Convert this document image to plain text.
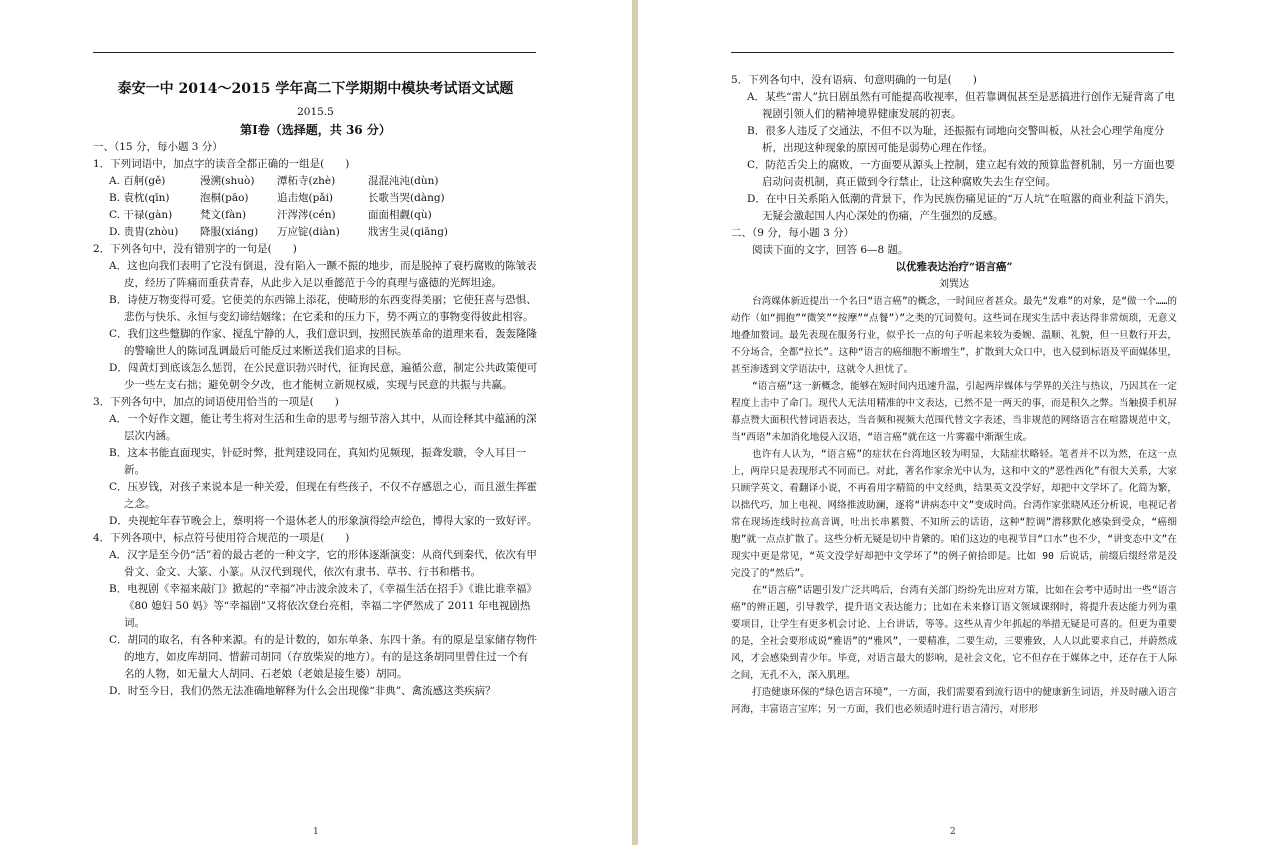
泰安一中 2014～2015 学年高二下学期期中模块考试语文试题
2015.5
第Ⅰ卷（选择题，共 36 分）
一、（15 分，每小题 3 分）
1．下列词语中，加点字的读音全都正确的一组是(　　)
A. 百舸(gě)	漫溯(shuò)	潭柘寺(zhè)	混混沌沌(dùn)
B. 袁枕(qīn)	泡桐(pāo)	追击炮(pǎi)	长歌当哭(dàng)
C. 干禄(gàn)	梵文(fàn)	汗涔涔(cén)	面面相觑(qù)
D. 贵胄(zhòu)	降服(xiáng)	万应锭(diàn)	戕害生灵(qiāng)
2．下列各句中，没有错别字的一句是(　　)
A．这也向我们表明了它没有倒退，没有陷入一蹶不振的地步，而是脱掉了衰朽腐败的陈皱表皮，经历了阵痛而重获青春，从此步入足以垂懿范于今的真理与盛德的光辉坦途。
B．诗使万物变得可爱。它使美的东西锦上添花，使畸形的东西变得美丽；它使狂喜与恐惧、悲伤与快乐、永恒与变幻谛结姻缘；在它柔和的压力下，势不两立的事物变得彼此相容。
C．我们这些蹩脚的作家、搅乱宁静的人，我们意识到，按照民族革命的道理来看，轰轰隆隆的警喻世人的陈词乱调最后可能反过来断送我们追求的目标。
D．闯黄灯到底该怎么惩罚，在公民意识勃兴时代，征询民意，遍循公意，制定公共政策便可少一些左支右拙；避免朝令夕改，也才能树立新规权威，实现与民意的共振与共赢。
3．下列各句中，加点的词语使用恰当的一项是(　　)
A．一个好作文题，能让考生将对生活和生命的思考与细节溶入其中，从而诠释其中蕴涵的深层次内涵。
B．这本书能直面现实，针砭时弊，批判建设同在，真知灼见频现，振聋发聩，令人耳目一新。
C．压岁钱，对孩子来说本是一种关爱，但现在有些孩子，不仅不存感恩之心，而且滋生挥霍之念。
D．央视蛇年春节晚会上，蔡明将一个退休老人的形象演得绘声绘色，博得大家的一致好评。
4．下列各项中，标点符号使用符合规范的一项是(　　)
A．汉字是至今仍“活”着的最古老的一种文字，它的形体逐渐演变：从商代到秦代，依次有甲骨文、金文、大篆、小篆。从汉代到现代，依次有隶书、草书、行书和楷书。
B．电视剧《幸福来敲门》掀起的“幸福”冲击波余波未了，《幸福生活在招手》《谁比谁幸福》《80 媳妇 50 妈》等“幸福剧”又将依次登台亮相，幸福二字俨然成了 2011 年电视剧热词。
C．胡同的取名，有各种来源。有的是计数的，如东单条、东四十条。有的原是皇家储存物件的地方，如皮库胡同、惜薪司胡同（存放柴炭的地方）。有的是这条胡同里曾住过一个有名的人物，如无量大人胡同、石老娘（老娘是接生婆）胡同。
D．时至今日，我们仍然无法准确地解释为什么会出现像“非典”、禽流感这类疾病？
1
5．下列各句中，没有语病、句意明确的一句是(　　)
A．某些“雷人”抗日剧虽然有可能提高收视率，但若靠调侃甚至是恶搞进行创作无疑背离了电视剧引领人们的精神境界健康发展的初衷。
B．很多人违反了交通法，不但不以为耻，还振振有词地向交警叫板，从社会心理学角度分析，出现这种现象的原因可能是弱势心理在作怪。
C．防范舌尖上的腐败，一方面要从源头上控制，建立起有效的预算监督机制，另一方面也要启动问责机制，真正做到令行禁止，让这种腐败失去生存空间。
D．在中日关系陷入低潮的背景下，作为民族伤痛见证的“万人坑”在喧嚣的商业利益下消失，无疑会激起国人内心深处的伤痛，产生强烈的反感。
二、（9 分，每小题 3 分）
阅读下面的文字，回答 6—8 题。
以优雅表达治疗“语言癌”
刘巽达
台湾媒体新近提出一个名曰“语言癌”的概念，一时间应者甚众。最先“发难”的对象，是“做一个……的动作（如“拥抱”“微笑”“按摩”“点餐”）”之类的冗词赘句。这些词在现实生活中表达得非常烦琐，无意义地叠加赘词。最先表现在服务行业，似乎长一点的句子听起来较为委婉、温顺、礼貌，但一旦数行开去，不分场合，全都“拉长”。这种“语言的癌细胞不断增生”，扩散到大众口中，也入侵到标语及平面媒体里，甚至渗透到文学语法中，这就令人担忧了。
“语言癌”这一新概念，能够在短时间内迅速升温，引起两岸媒体与学界的关注与热议，乃因其在一定程度上击中了命门。现代人无法用精准的中文表达，已然不是一两天的事，而是积久之弊。当触摸手机屏幕点赞大面积代替词语表达，当音频和视频大范围代替文字表述，当非规范的网络语言在喧嚣规范中文，当“西语”未加消化地侵入汉语，“语言癌”就在这一片雾霾中渐渐生成。
也许有人认为，“语言癌”的症状在台湾地区较为明显，大陆症状略轻。笔者并不以为然，在这一点上，两岸只是表现形式不同而已。对此，著名作家余光中认为，这和中文的“恶性西化”有很大关系，大家只顾学英文、看翻译小说，不再看用字精简的中文经典，结果英文没学好，却把中文学坏了。化简为繁，以拙代巧，加上电视、网络推波助澜，逐将“讲病态中文”变成时尚。台湾作家张晓风还分析说，电视记者常在现场连线时拉高音调，吐出长串累赘、不知所云的话语，这种“腔调”潜移默化感染到受众，“癌细胞”就一点点扩散了。这些分析无疑是切中肯綮的。咱们这边的电视节目“口水”也不少，“讲变态中文”在现实中更是常见，“英文没学好却把中文学坏了”的例子俯拾即是。比如 90 后说话，前缀后缀经常是没完没了的“然后”。
在“语言癌”话题引发广泛共鸣后，台湾有关部门纷纷先出应对方策，比如在会考中适时出一些“语言癌”的辨正题，引导教学，提升语文表达能力；比如在未来修订语文领域课纲时，将提升表达能力列为重要项目，让学生有更多机会讨论、上台讲话，等等。这些从青少年抓起的举措无疑是可喜的。但更为重要的是，全社会要形成说“雅语”的“雅风”，一要精准，二要生动，三要雅致，人人以此要求自己，并蔚然成风，才会感染到青少年。毕竟，对语言最大的影响，是社会文化，它不但存在于媒体之中，还存在于人际之间，无孔不入，深入肌理。
打造健康环保的“绿色语言环境”，一方面，我们需要看到流行语中的健康新生词语，并及时融入语言河海，丰富语言宝库；另一方面，我们也必须适时进行语言清污，对形形
2
